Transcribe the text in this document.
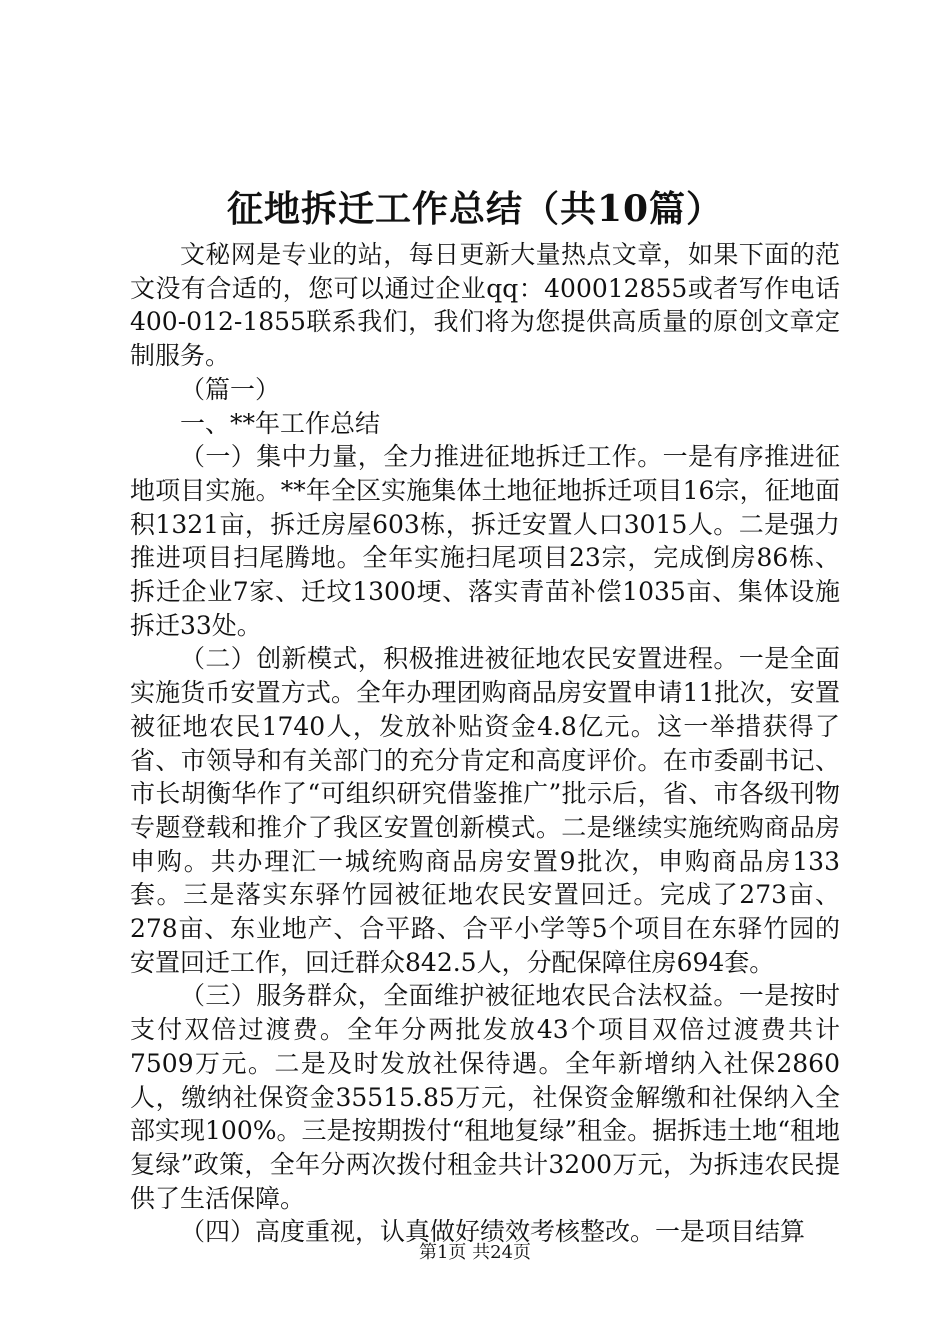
征地拆迁工作总结（共10篇）

文秘网是专业的站，每日更新大量热点文章，如果下面的范文没有合适的，您可以通过企业qq：400012855或者写作电话400-012-1855联系我们，我们将为您提供高质量的原创文章定制服务。

（篇一）

一、**年工作总结

（一）集中力量，全力推进征地拆迁工作。一是有序推进征地项目实施。**年全区实施集体土地征地拆迁项目16宗，征地面积1321亩，拆迁房屋603栋，拆迁安置人口3015人。二是强力推进项目扫尾腾地。全年实施扫尾项目23宗，完成倒房86栋、拆迁企业7家、迁坟1300埂、落实青苗补偿1035亩、集体设施拆迁33处。

（二）创新模式，积极推进被征地农民安置进程。一是全面实施货币安置方式。全年办理团购商品房安置申请11批次，安置被征地农民1740人，发放补贴资金4.8亿元。这一举措获得了省、市领导和有关部门的充分肯定和高度评价。在市委副书记、市长胡衡华作了“可组织研究借鉴推广”批示后，省、市各级刊物专题登载和推介了我区安置创新模式。二是继续实施统购商品房申购。共办理汇一城统购商品房安置9批次，申购商品房133套。三是落实东驿竹园被征地农民安置回迁。完成了273亩、278亩、东业地产、合平路、合平小学等5个项目在东驿竹园的安置回迁工作，回迁群众842.5人，分配保障住房694套。

（三）服务群众，全面维护被征地农民合法权益。一是按时支付双倍过渡费。全年分两批发放43个项目双倍过渡费共计7509万元。二是及时发放社保待遇。全年新增纳入社保2860人，缴纳社保资金35515.85万元，社保资金解缴和社保纳入全部实现100%。三是按期拨付“租地复绿”租金。据拆违土地“租地复绿”政策，全年分两次拨付租金共计3200万元，为拆违农民提供了生活保障。

（四）高度重视，认真做好绩效考核整改。一是项目结算

第1页 共24页
